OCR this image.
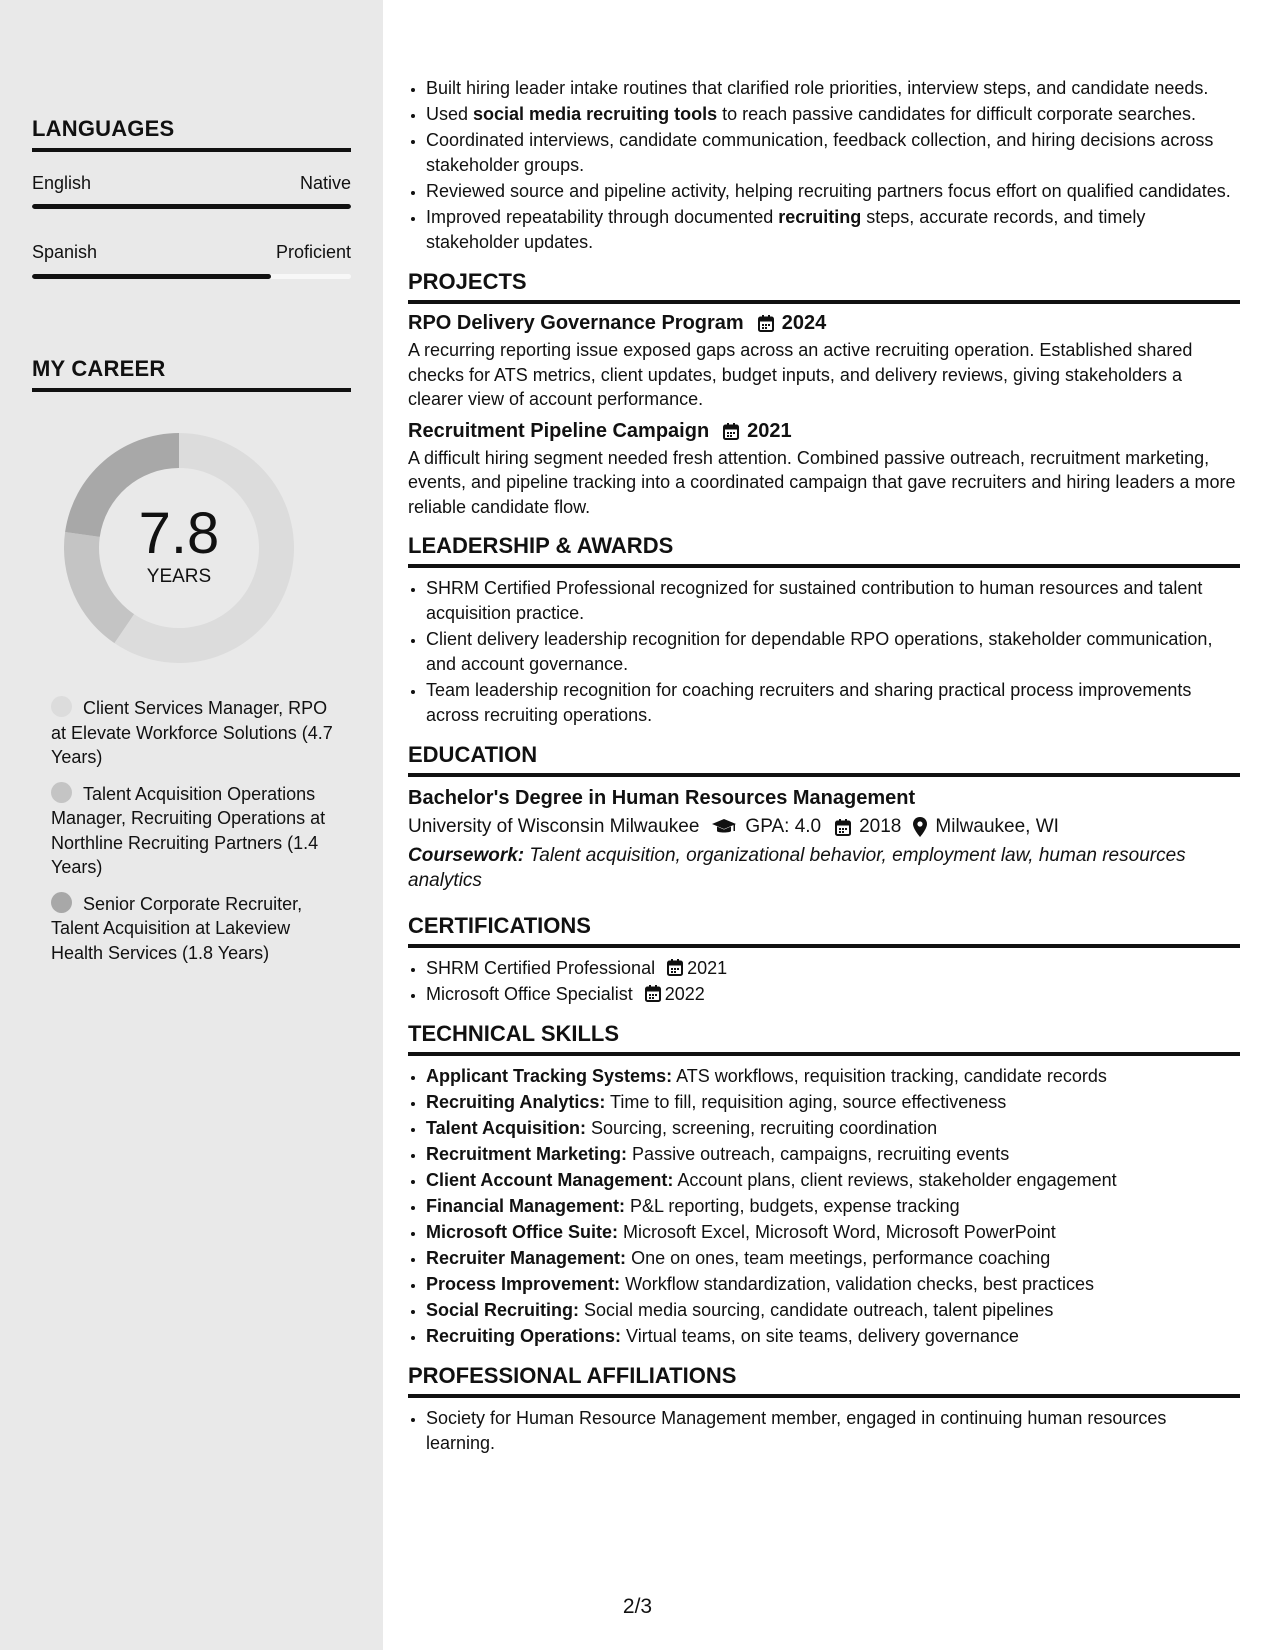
LANGUAGES
English	Native
Spanish	Proficient
MY CAREER
7.8
YEARS
Client Services Manager, RPO at Elevate Workforce Solutions (4.7 Years)
Talent Acquisition Operations Manager, Recruiting Operations at Northline Recruiting Partners (1.4 Years)
Senior Corporate Recruiter, Talent Acquisition at Lakeview Health Services (1.8 Years)
• Built hiring leader intake routines that clarified role priorities, interview steps, and candidate needs.
• Used social media recruiting tools to reach passive candidates for difficult corporate searches.
• Coordinated interviews, candidate communication, feedback collection, and hiring decisions across stakeholder groups.
• Reviewed source and pipeline activity, helping recruiting partners focus effort on qualified candidates.
• Improved repeatability through documented recruiting steps, accurate records, and timely stakeholder updates.
PROJECTS
RPO Delivery Governance Program 2024
A recurring reporting issue exposed gaps across an active recruiting operation. Established shared checks for ATS metrics, client updates, budget inputs, and delivery reviews, giving stakeholders a clearer view of account performance.
Recruitment Pipeline Campaign 2021
A difficult hiring segment needed fresh attention. Combined passive outreach, recruitment marketing, events, and pipeline tracking into a coordinated campaign that gave recruiters and hiring leaders a more reliable candidate flow.
LEADERSHIP & AWARDS
• SHRM Certified Professional recognized for sustained contribution to human resources and talent acquisition practice.
• Client delivery leadership recognition for dependable RPO operations, stakeholder communication, and account governance.
• Team leadership recognition for coaching recruiters and sharing practical process improvements across recruiting operations.
EDUCATION
Bachelor's Degree in Human Resources Management
University of Wisconsin Milwaukee GPA: 4.0 2018 Milwaukee, WI
Coursework: Talent acquisition, organizational behavior, employment law, human resources analytics
CERTIFICATIONS
• SHRM Certified Professional 2021
• Microsoft Office Specialist 2022
TECHNICAL SKILLS
• Applicant Tracking Systems: ATS workflows, requisition tracking, candidate records
• Recruiting Analytics: Time to fill, requisition aging, source effectiveness
• Talent Acquisition: Sourcing, screening, recruiting coordination
• Recruitment Marketing: Passive outreach, campaigns, recruiting events
• Client Account Management: Account plans, client reviews, stakeholder engagement
• Financial Management: P&L reporting, budgets, expense tracking
• Microsoft Office Suite: Microsoft Excel, Microsoft Word, Microsoft PowerPoint
• Recruiter Management: One on ones, team meetings, performance coaching
• Process Improvement: Workflow standardization, validation checks, best practices
• Social Recruiting: Social media sourcing, candidate outreach, talent pipelines
• Recruiting Operations: Virtual teams, on site teams, delivery governance
PROFESSIONAL AFFILIATIONS
• Society for Human Resource Management member, engaged in continuing human resources learning.
2/3
